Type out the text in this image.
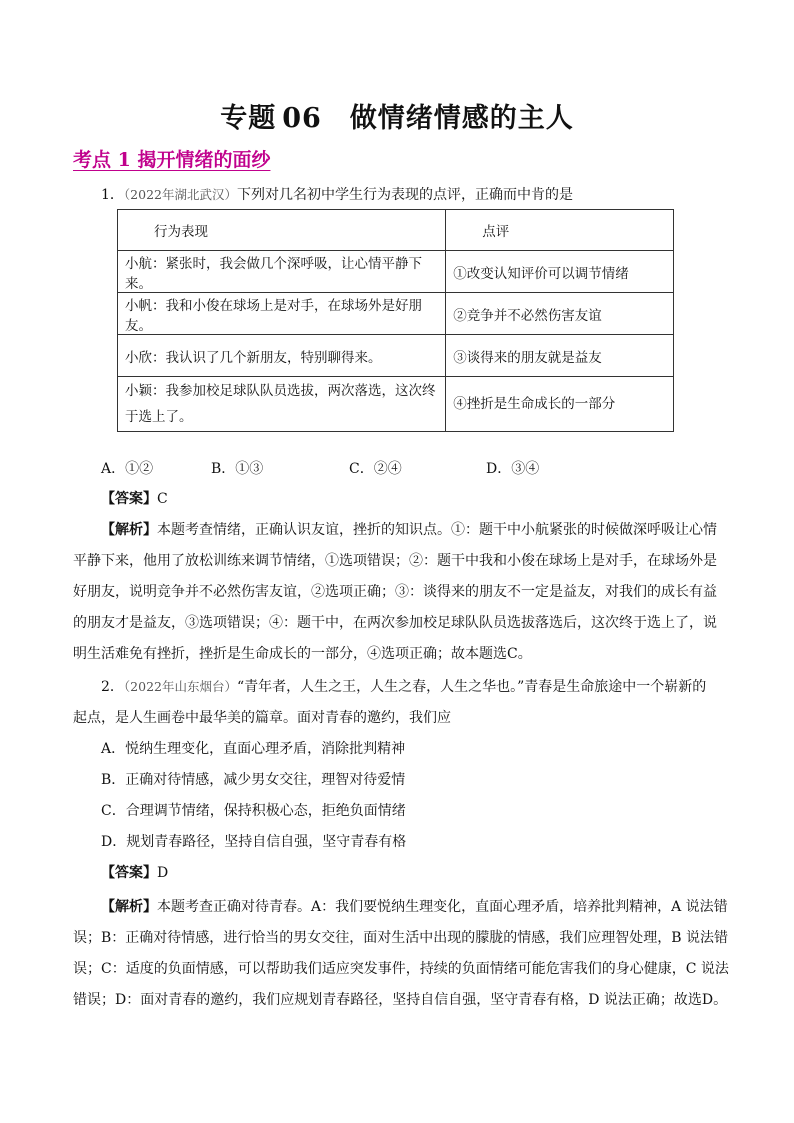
专题 06 做情绪情感的主人
考点 1 揭开情绪的面纱
1．（2022年湖北武汉）下列对几名初中学生行为表现的点评，正确而中肯的是
行为表现	点评
小航：紧张时，我会做几个深呼吸，让心情平静下来。	①改变认知评价可以调节情绪
小帆：我和小俊在球场上是对手，在球场外是好朋友。	②竞争并不必然伤害友谊
小欣：我认识了几个新朋友，特别聊得来。	③谈得来的朋友就是益友

小颖：我参加校足球队队员选拔，两次落选，这次终
于选上了。	④挫折是生命成长的一部分
A．①②	B．①③	C．②④	D．③④
【答案】C
【解析】本题考查情绪，正确认识友谊，挫折的知识点。①：题干中小航紧张的时候做深呼吸让心情
平静下来，他用了放松训练来调节情绪，①选项错误；②：题干中我和小俊在球场上是对手，在球场外是
好朋友，说明竞争并不必然伤害友谊，②选项正确；③：谈得来的朋友不一定是益友，对我们的成长有益
的朋友才是益友，③选项错误；④：题干中，在两次参加校足球队队员选拔落选后，这次终于选上了，说
明生活难免有挫折，挫折是生命成长的一部分，④选项正确；故本题选C。
2．（2022年山东烟台）“青年者，人生之王，人生之春，人生之华也。”青春是生命旅途中一个崭新的
起点，是人生画卷中最华美的篇章。面对青春的邀约，我们应
A．悦纳生理变化，直面心理矛盾，消除批判精神
B．正确对待情感，减少男女交往，理智对待爱情
C．合理调节情绪，保持积极心态，拒绝负面情绪
D．规划青春路径，坚持自信自强，坚守青春有格
【答案】D
【解析】本题考查正确对待青春。A：我们要悦纳生理变化，直面心理矛盾，培养批判精神，A 说法错
误；B：正确对待情感，进行恰当的男女交往，面对生活中出现的朦胧的情感，我们应理智处理，B 说法错
误；C：适度的负面情感，可以帮助我们适应突发事件，持续的负面情绪可能危害我们的身心健康，C 说法
错误；D：面对青春的邀约，我们应规划青春路径，坚持自信自强，坚守青春有格，D 说法正确；故选D。
